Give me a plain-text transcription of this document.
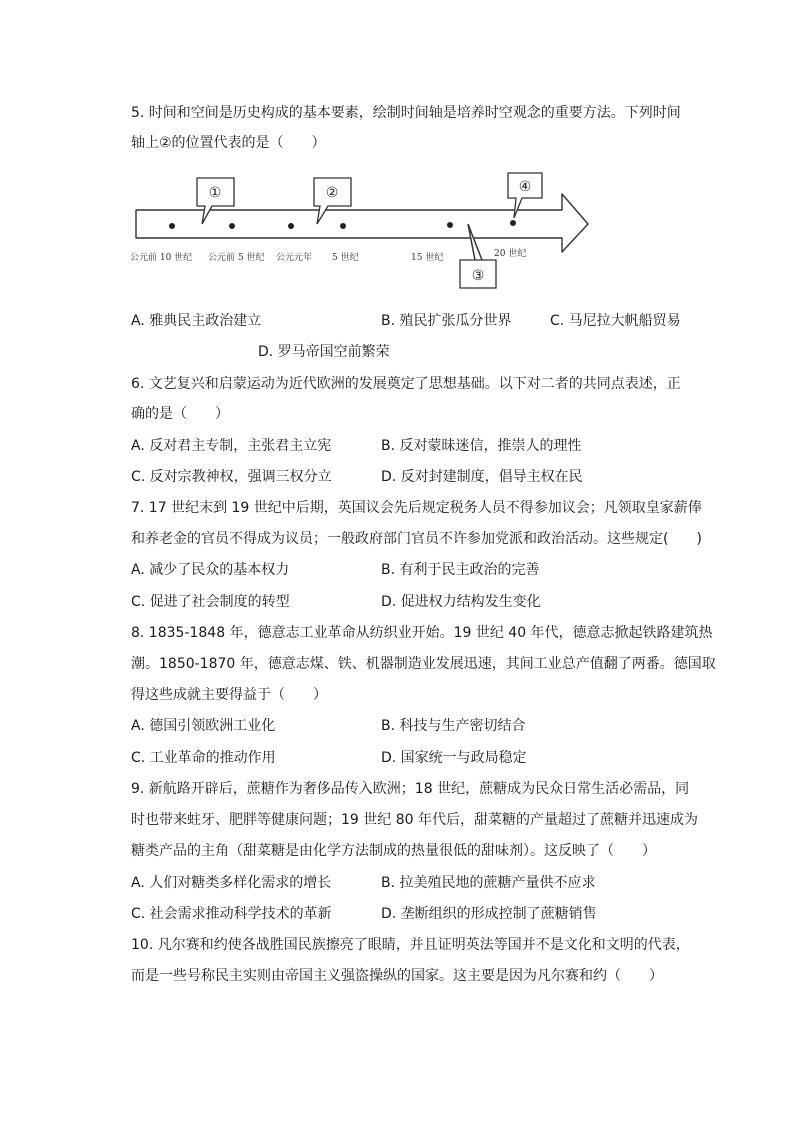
5. 时间和空间是历史构成的基本要素，绘制时间轴是培养时空观念的重要方法。下列时间
轴上②的位置代表的是（　　）
①	②	④
③
公元前 10 世纪 公元前 5 世纪 公元元年 5 世纪	15 世纪	20 世纪
A. 雅典民主政治建立	B. 殖民扩张瓜分世界	C. 马尼拉大帆船贸易
D. 罗马帝国空前繁荣
6. 文艺复兴和启蒙运动为近代欧洲的发展奠定了思想基础。以下对二者的共同点表述，正
确的是（　　）
A. 反对君主专制，主张君主立宪	B. 反对蒙昧迷信，推崇人的理性
C. 反对宗教神权，强调三权分立	D. 反对封建制度，倡导主权在民
7. 17 世纪末到 19 世纪中后期，英国议会先后规定税务人员不得参加议会；凡领取皇家薪俸
和养老金的官员不得成为议员；一般政府部门官员不许参加党派和政治活动。这些规定(　　)
A. 减少了民众的基本权力	B. 有利于民主政治的完善
C. 促进了社会制度的转型	D. 促进权力结构发生变化
8. 1835-1848 年，德意志工业革命从纺织业开始。19 世纪 40 年代，德意志掀起铁路建筑热
潮。1850-1870 年，德意志煤、铁、机器制造业发展迅速，其间工业总产值翻了两番。德国取
得这些成就主要得益于（　　）
A. 德国引领欧洲工业化	B. 科技与生产密切结合
C. 工业革命的推动作用	D. 国家统一与政局稳定
9. 新航路开辟后，蔗糖作为奢侈品传入欧洲；18 世纪，蔗糖成为民众日常生活必需品，同
时也带来蛀牙、肥胖等健康问题；19 世纪 80 年代后，甜菜糖的产量超过了蔗糖并迅速成为
糖类产品的主角（甜菜糖是由化学方法制成的热量很低的甜味剂）。这反映了（　　）
A. 人们对糖类多样化需求的增长	B. 拉美殖民地的蔗糖产量供不应求
C. 社会需求推动科学技术的革新	D. 垄断组织的形成控制了蔗糖销售
10. 凡尔赛和约使各战胜国民族擦亮了眼睛，并且证明英法等国并不是文化和文明的代表，
而是一些号称民主实则由帝国主义强盗操纵的国家。这主要是因为凡尔赛和约（　　）
